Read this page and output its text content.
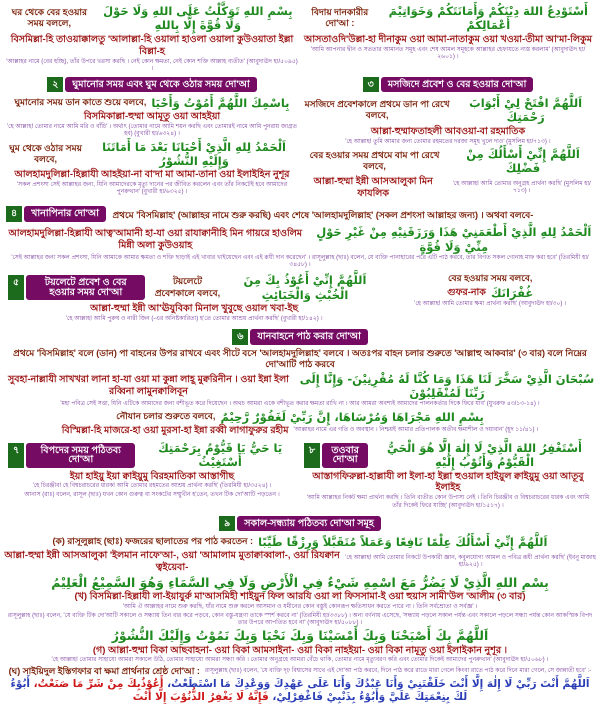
ঘর থেকে বের হওয়ার সময় বললে,
بِسْمِ اللهِ تَوَكَّلْتُ عَلَى اللهِ وَلَا حَوْلَ وَلَا قُوَّةَ إِلَّا بِاللهِ
বিসমিল্লা-হি তাওয়াক্কালতু 'আলাল্লা-হি ওয়ালা হাওলা ওয়ালা কুউওয়াতা ইল্লা বিল্লা-হ
'আল্লাহর নামে (বের হচ্ছি), তাঁর উপরে ভরসা করছি । নেই কোন ক্ষমতা, নেই কোন শক্তি আল্লাহ ব্যতীত' (আবুদাঊদ হা/৫০৯৫) ।
বিদায় দানকারীর দো'আ :
أَسْتَوْدِعُ اللهَ دِيْنَكُمْ وَأَمَانَتَكُمْ وَخَوَاتِيْمَ أَعْمَالِكُمْ
আসতাওদি'উল্লা-হা দীনাকুম ওয়া আমা-নাতাকুম ওয়া খওয়া-তীমা আ'মা-লিকুম
'আমি আপনার দ্বীন ও সততার আমানত সমূহ এবং শেষ আমল সমূহকে আল্লাহর হেফাযতে ন্যস্ত করলাম' (আবুদাঊদ হা/২৬০১) ।
২	ঘুমানোর সময় এবং ঘুম থেকে ওঠার সময় দো'আ
ঘুমানোর সময় ডান কাতে শুয়ে বলবে, بِاسْمِكَ اللَّهُمَّ أَمُوْتُ وَأَحْيَا
বিসমিকাল্লা-হুম্মা আমূতু ওয়া আহইয়া
'হে আল্লাহ! তোমার নামে আমি মরি ও বাঁচি' । অর্থাৎ (তোমার নামে আমি শয়ন করছি এবং তোমারই নামে আমি পুনরায় জাগ্রত হব) (বুখারী হা/৬৩২৪) ।
ঘুম থেকে ওঠার সময় বলবে,
اَلْحَمْدُ لِلهِ الَّذِيْ أَحْيَانَا بَعْدَ مَا أَمَاتَنَا وَإِلَيْهِ النُّشُوْرُ
আলহামদুলিল্লা-হিল্লাযী আহইয়া-না বা'দা মা আমা-তানা ওয়া ইলাইহিন নুশূর
'সকল প্রশংসা সেই আল্লাহর জন্য, যিনি আমাদেরকে মৃত্যু দানের পর জীবিত করলেন এবং তাঁর নিকটেই হবে আমাদের পুনরুত্থান' (বুখারী হা/৬৩২৫) ।
৩	মসজিদে প্রবেশ ও বের হওয়ার দো'আ
মসজিদে প্রবেশকালে প্রথমে ডান পা রেখে বলবে,
اَللَّهُمَّ افْتَحْ لِيْ أَبْوَابَ رَحْمَتِكَ
আল্লা-হুম্মাফতাহলী আবওয়া-বা রহমাতিক
'হে আল্লাহ! তুমি আমার জন্য তোমার রহমতের দরজা সমূহ খুলে দাও' (মুসলিম হা/৭১৩) ।
বের হওয়ার সময় প্রথমে বাম পা রেখে বলবে,
اَللَّهُمَّ إِنِّيْ أَسْأَلُكَ مِنْ فَضْلِكَ
আল্লা-হুম্মা ইন্নী আসআলুকা মিন ফাযলিক
'হে আল্লাহ! আমি তোমার অনুগ্রহ প্রার্থনা করছি' (মুসলিম হা/৭১৩) ।
৪	খানাপিনার দো'আ	প্রথমে 'বিসমিল্লাহ' (আল্লাহর নামে শুরু করছি) এবং শেষে 'আলহামদুলিল্লাহ' (সকল প্রশংসা আল্লাহর জন্য) । অথবা বলবে-
আলহামদুলিল্লা-হিল্লাযী আত্ব'আমানী হা-যা ওয়া রাযাক্বানীহি মিন গায়রে হাওলিম মিন্নী অলা কুউওয়াহ
اَلْحَمْدُ لِلهِ الَّذِيْ أَطْعَمَنِيْ هَذَا وَرَزَقَنِيْهِ مِنْ غَيْرِ حَوْلٍ مِنِّيْ وَلَا قُوَّةٍ
'সেই আল্লাহর জন্য সকল প্রশংসা, যিনি আমাকে আমার ক্ষমতা ও শক্তি ছাড়াই এই খাবার খাইয়েছেন এবং এই রূযী দান করেছেন' । রাসূলুল্লাহ (ছাঃ) বলেন, যে ব্যক্তি পানাহারের পরে এটি পাঠ করবে, তার বিগত সকল গোনাহ মাফ করা হবে' (তিরমিযী হা/৩৪৫৮) ।
৫	টয়লেটে প্রবেশ ও বের হওয়ার সময় দো'আ
টয়লেটে প্রবেশকালে বলবে,
اَللَّهُمَّ إِنِّيْ أَعُوْذُ بِكَ مِنَ الْخُبْثِ وَالْخَبَائِثِ
আল্লা-হুম্মা ইন্নী আ'ঊযুবিকা মিনাল খুবুছে ওয়াল খবা-ইছ
'হে আল্লাহ! আমি পুরুষ ও নারী জিন (-এর অনিষ্টকারিতা) হ'তে তোমার আশ্রয় প্রার্থনা করছি' (বুখারী হা/১৪২) ।
বের হওয়ার সময় বলবে,
গুফর-নাক غُفْرَانَكَ
'হে আল্লাহ! আমি তোমার ক্ষমা প্রার্থনা করছি' (আবুদাঊদ হা/৩০) ।
৬	যানবাহনে পাঠ করার দো'আ
প্রথমে 'বিসমিল্লাহ' বলে (ডান) পা বাহনের উপর রাখবে এবং সীটে বসে 'আলহামদুলিল্লাহ' বলবে । অতঃপর বাহন চলার শুরুতে 'আল্লাহু আকবার' (৩ বার) বলে নিম্নের দো'আটি পাঠ করবে
সুবহা-নাল্লাযী সাখখরা লানা হা-যা ওয়া মা কুন্না লাহূ মুক্বরিনীন । ওয়া ইন্না ইলা রব্বিনা লামুনক্বালিবূন
سُبْحَانَ الَّذِيْ سَخَّرَ لَنَا هَذَا وَمَا كُنَّا لَهُ مُقْرِنِيْنَ- وَإِنَّا إِلَى رَبِّنَا لَمُنْقَلِبُوْنَ
'মহা পবিত্র সেই সত্তা, যিনি এটিকে আমাদের জন্য বশীভূত করে দিয়েছেন । অথচ আমরা একে বশীভূত করার ক্ষমতা রাখি না । আর আমরা অবশ্যই আমাদের পালনকর্তার দিকে ফিরে যাব' (যুখরুফ ৪৩/১৩-১৪) ।
নৌযান চলার শুরুতে বলবে, بِسْمِ اللهِ مَجْرَاهَا وَمُرْسَاهَا، إِنَّ رَبِّيْ لَغَفُوْرٌ رَّحِيْمٌ
বিস্মিল্লা-হি মাজরে-হা ওয়া মুরসা-হা ইন্না রব্বী লাগাফুরুর রহীম 'আল্লাহর নামে এর গতি ও অবস্থান । নিশ্চয়ই আমার প্রতিপালক অতীব ক্ষমাশীল ও দয়াবান' (হূদ ১১/৪১) ।
৭	বিপদের সময় পঠিতব্য দো'আ
يَا حَيُّ يَا قَيُّوْمُ بِرَحْمَتِكَ أَسْتَغِيْثُ
ইয়া হাইয়ু ইয়া ক্বাইয়ুমু বিরহমাতিকা আস্তাগীছ
'হে চিরঞ্জীব! হে বিশ্বচরাচরের ধারক! আমি তোমার রহমতের আশ্রয় প্রার্থনা করছি' (তিরমিযী হা/৩৫২৪) ।
আনাস (রাঃ) বলেন, রাসূল (ছাঃ) যখন কোন গুরুত্ব বা সংকটের সম্মুখীন হ'তেন, তখন টিক দো'আটি পড়তেন ।
৮	তওবার দো'আ
أَسْتَغْفِرُ اللهَ الَّذِيْ لَا إِلٰهَ إِلَّا هُوَ الْحَيُّ الْقَيُّوْمُ وَأَتُوْبُ إِلَيْهِ
আস্তাগফিরুল্লা-হাল্লাযী লা ইলা-হা ইল্লা হুওয়াল হাইয়ুল ক্বাইয়ুমু ওয়া আতূবু ইলাইহ
'আমি আল্লাহর নিকট ক্ষমা প্রার্থনা করছি । তিনি ব্যতীত কোন উপাস্য নেই । তিনি চিরঞ্জীব ও বিশ্বচরাচরের ধারক এবং আমি তাঁর দিকেই ফিরে যাচ্ছি' (আবুদাঊদ হা/১৫১৭) ।
৯	সকাল-সন্ধ্যায় পঠিতব্য দো'আ সমূহ
(ক) রাসূলুল্লাহ (ছাঃ) ফজরের ছালাতের পর পাঠ করতেন : اَللَّهُمَّ إِنِّيْ أَسْأَلُكَ عِلْمًا نَافِعًا وَعَمَلاً مُتَقَبَّلاً وَرِزْقًا طَيِّبًا
আল্লা-হুম্মা ইন্নী আসআলুকা 'ইলমান নাফে'আ-, ওয়া 'আমালাম মুতাক্বাব্বালা-, ওয়া রিযক্বান ত্বইয়েবা-
'হে আল্লাহ! আমি তোমার নিকটে উপকারী জ্ঞান, কবুলযোগ্য আমল ও পবিত্র রূযী প্রার্থনা করছি' (ইবনু মাজাহ হা/৯২৫) ।
بِسْمِ اللهِ الَّذِيْ لَا يَضُرُّ مَعَ اسْمِهِ شَيْءٌ فِي الْأَرْضِ وَلَا فِي السَّمَاءِ وَهُوَ السَّمِيْعُ الْعَلِيْمُ
(খ) বিসমিল্লা-হিল্লাযী লা-ইয়াযুর্রু মা'আসমিহী শাইয়ুন ফিল আরযি ওয়া লা ফিসসামা-ই ওয়া হুয়াস সামী'উল 'আলীম (৩ বার)
'আমি ঐ আল্লাহর নামে শুরু করছি, যাঁর নামে শুরু করলে আসমান ও যমীনের কোন বস্তুই কোনরূপ ক্ষতিসাধন করতে পারে না । তিনি সর্বশ্রোতা ও সর্বজ্ঞ' ।
রাসূলুল্লাহ (ছাঃ) বলেন, 'যে ব্যক্তি টিক দো'আটি সকালে ও সন্ধ্যায় তিন বার করে পড়বে, কোন বস্তু-যন্ত্রণা তাকে স্পর্শ করবে না' (তিরমিযী হা/৩৩৮৮) । অন্য বর্ণনায় এসেছে, 'সন্ধ্যায় পড়লে সকাল পর্যন্ত এবং সকালে পড়লে সন্ধ্যা পর্যন্ত কোন আকস্মিক বিপদ তার উপরে আপতিত হবে না' (আবুদাঊদ হা/৫০৮৮) ।
اَللَّهُمَّ بِكَ أَصْبَحْنَا وَبِكَ أَمْسَيْنَا وَبِكَ نَحْيَا وَبِكَ نَمُوْتُ وَإِلَيْكَ النُّشُوْرُ
(গ) আল্লা-হুম্মা বিকা আছবাহনা- ওয়া বিকা আমসাইনা- ওয়া বিকা নাহইয়া- ওয়া বিকা নামূতু ওয়া ইলাইকান নুশূর ।
'হে আল্লাহ! তোমার সাহায্যে আমরা সকালে উঠি, তোমার সাহায্যে আমরা সন্ধ্যা করি । তোমার অনুগ্রহে আমরা বেঁচে থাকি, তোমার নামে মৃত্যুবরণ করি এবং তোমার দিকেই আমাদের পুনরুত্থান' (আবুদাঊদ হা/৫০৬৮) ।
(ঘ) সাইয়িদুল ইস্তিগফার বা ক্ষমা প্রার্থনার শ্রেষ্ঠ দো'আ : রাসূলুল্লাহ (ছাঃ) বলেন, 'যে ব্যক্তি দৃঢ় বিশ্বাসের সাথে এই দো'আ পাঠ করবে, দিনে পাঠ করে রাতে মারা গেলে কিংবা রাতে পাঠ করে দিনে মারা গেলে, সে জান্নাতী হবে' :-
اَللَّهُمَّ أَنْتَ رَبِّيْ لَا إِلٰهَ إِلَّا أَنْتَ خَلَقْتَنِيْ وَأَنَا عَبْدُكَ وَأَنَا عَلَى عَهْدِكَ وَوَعْدِكَ مَا اسْتَطَعْتُ، أَعُوْذُبِكَ مِنْ شَرِّ مَا صَنَعْتُ، أَبُوْءُ لَكَ بِنِعْمَتِكَ عَلَيَّ وَأَبُوْءُ بِذَنْبِيْ فَاغْفِرْلِيْ، فَإِنَّهُ لَا يَغْفِرُ الذُّنُوْبَ إِلَّا أَنْتَ
